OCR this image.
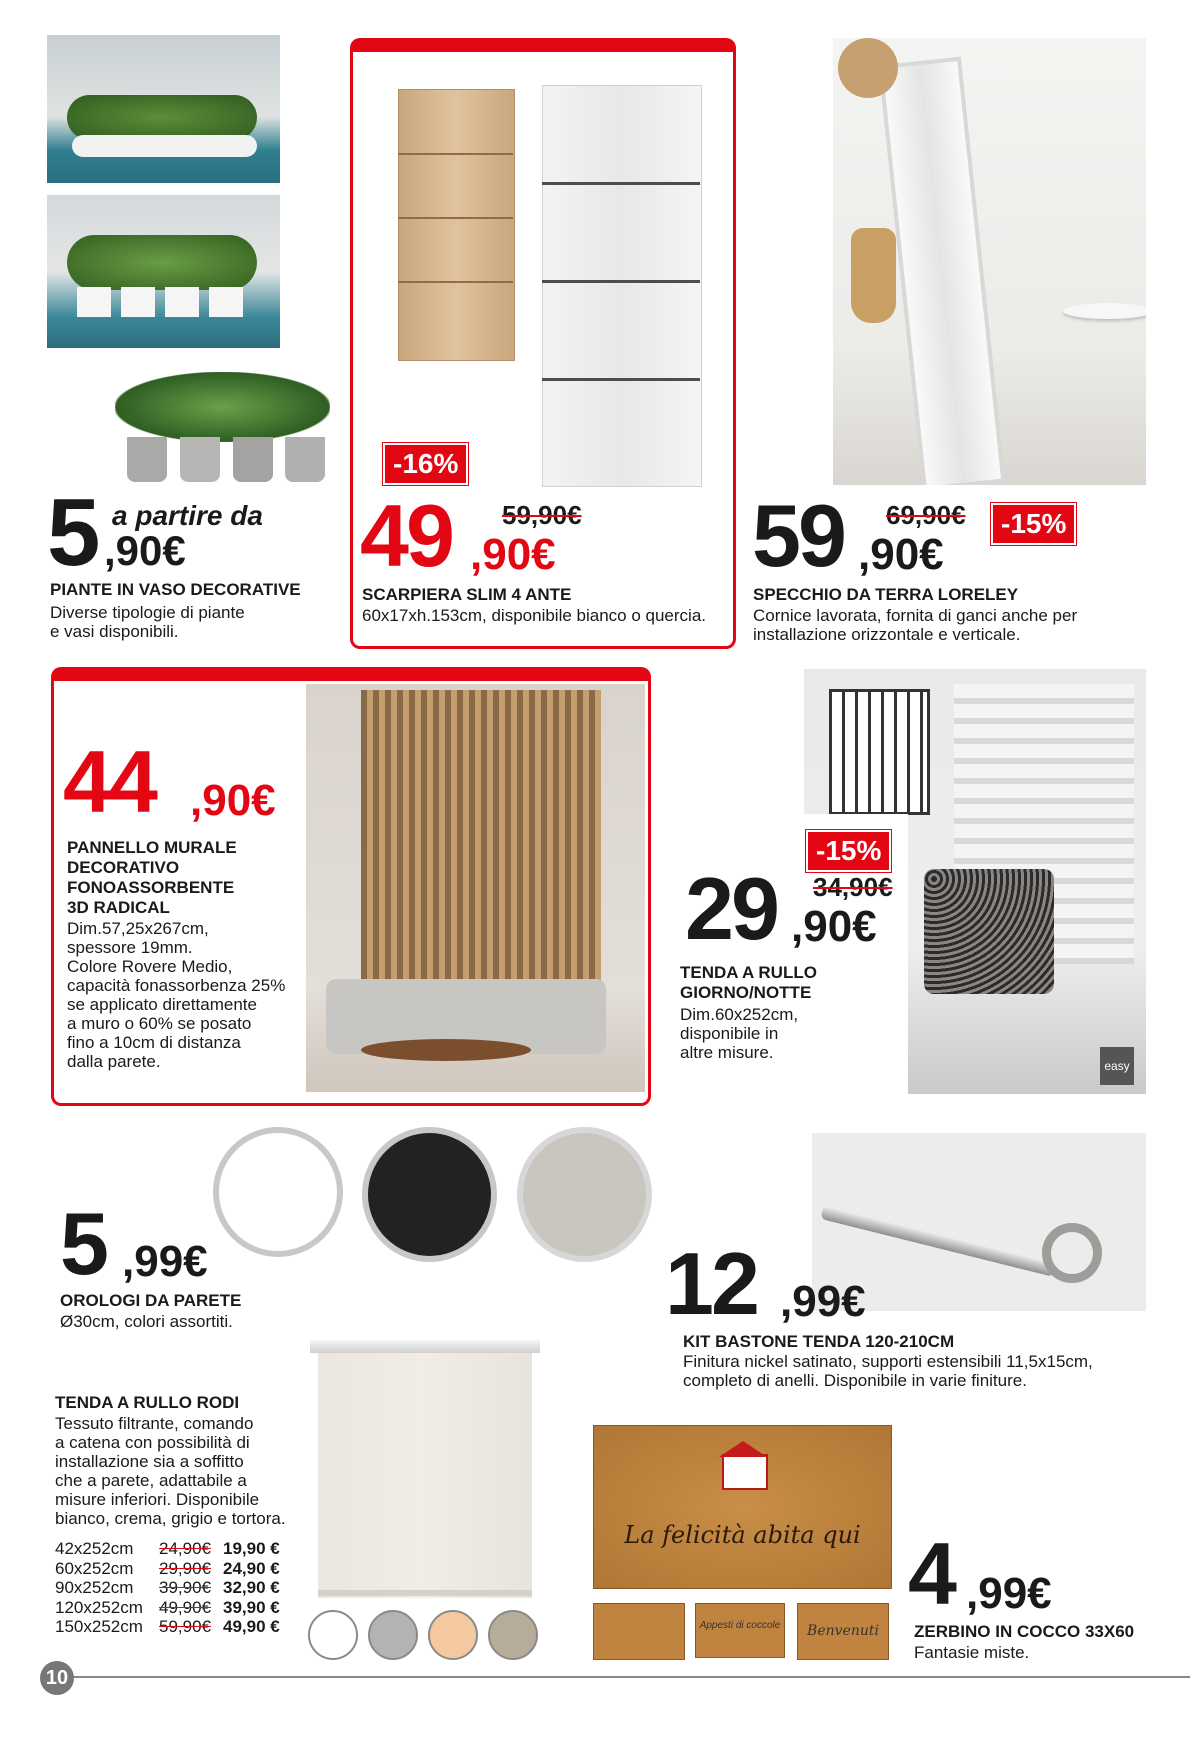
5 a partire da
,90€
PIANTE IN VASO DECORATIVE
Diverse tipologie di piante
e vasi disponibili.
-16%
49 59,90€
,90€
SCARPIERA SLIM 4 ANTE
60x17xh.153cm, disponibile bianco o quercia.
59 69,90€	-15%
,90€
SPECCHIO DA TERRA LORELEY
Cornice lavorata, fornita di ganci anche per
installazione orizzontale e verticale.
44 ,90€
PANNELLO MURALE
DECORATIVO
FONOASSORBENTE
3D RADICAL
Dim.57,25x267cm,
spessore 19mm.
Colore Rovere Medio,
capacità fonassorbenza 25%
se applicato direttamente
a muro o 60% se posato
fino a 10cm di distanza
dalla parete.	easy
-15%
29 34,90€
,90€
TENDA A RULLO
GIORNO/NOTTE
Dim.60x252cm,
disponibile in
altre misure.
5 ,99€
OROLOGI DA PARETE
Ø30cm, colori assortiti.	12 ,99€
KIT BASTONE TENDA 120-210CM
Finitura nickel satinato, supporti estensibili 11,5x15cm,
completo di anelli. Disponibile in varie finiture.
TENDA A RULLO RODI
Tessuto filtrante, comando
a catena con possibilità di
installazione sia a soffitto
che a parete, adattabile a
misure inferiori. Disponibile
bianco, crema, grigio e tortora.
42x252cm	24,90€ 19,90 €
60x252cm	29,90€ 24,90 €
90x252cm	39,90€ 32,90 €
120x252cm 49,90€ 39,90 €
150x252cm 59,90€ 49,90 €
La felicità abita qui
Appesti di coccole	Benvenuti
4 ,99€
ZERBINO IN COCCO 33X60
Fantasie miste.
10
